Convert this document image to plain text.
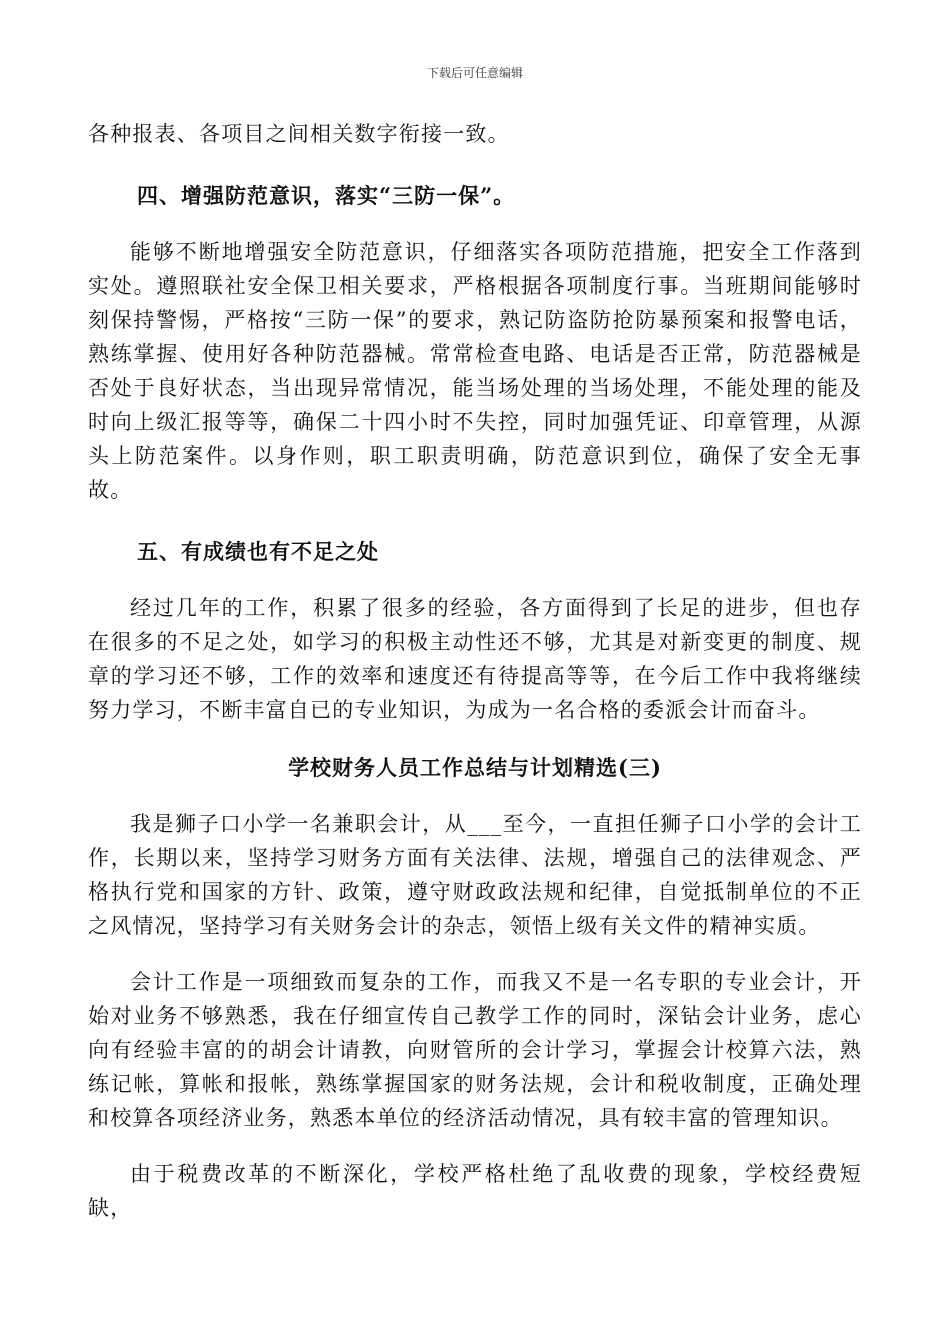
下载后可任意编辑

各种报表、各项目之间相关数字衔接一致。

四、增强防范意识，落实“三防一保”。

能够不断地增强安全防范意识，仔细落实各项防范措施，把安全工作落到实处。遵照联社安全保卫相关要求，严格根据各项制度行事。当班期间能够时刻保持警惕，严格按“三防一保”的要求，熟记防盗防抢防暴预案和报警电话，熟练掌握、使用好各种防范器械。常常检查电路、电话是否正常，防范器械是否处于良好状态，当出现异常情况，能当场处理的当场处理，不能处理的能及时向上级汇报等等，确保二十四小时不失控，同时加强凭证、印章管理，从源头上防范案件。以身作则，职工职责明确，防范意识到位，确保了安全无事故。

五、有成绩也有不足之处

经过几年的工作，积累了很多的经验，各方面得到了长足的进步，但也存在很多的不足之处，如学习的积极主动性还不够，尤其是对新变更的制度、规章的学习还不够，工作的效率和速度还有待提高等等，在今后工作中我将继续努力学习，不断丰富自已的专业知识，为成为一名合格的委派会计而奋斗。

学校财务人员工作总结与计划精选(三)

我是狮子口小学一名兼职会计，从___至今，一直担任狮子口小学的会计工作，长期以来，坚持学习财务方面有关法律、法规，增强自己的法律观念、严格执行党和国家的方针、政策，遵守财政政法规和纪律，自觉抵制单位的不正之风情况，坚持学习有关财务会计的杂志，领悟上级有关文件的精神实质。

会计工作是一项细致而复杂的工作，而我又不是一名专职的专业会计，开始对业务不够熟悉，我在仔细宣传自己教学工作的同时，深钻会计业务，虑心向有经验丰富的的胡会计请教，向财管所的会计学习，掌握会计校算六法，熟练记帐，算帐和报帐，熟练掌握国家的财务法规，会计和税收制度，正确处理和校算各项经济业务，熟悉本单位的经济活动情况，具有较丰富的管理知识。

由于税费改革的不断深化，学校严格杜绝了乱收费的现象，学校经费短缺，
